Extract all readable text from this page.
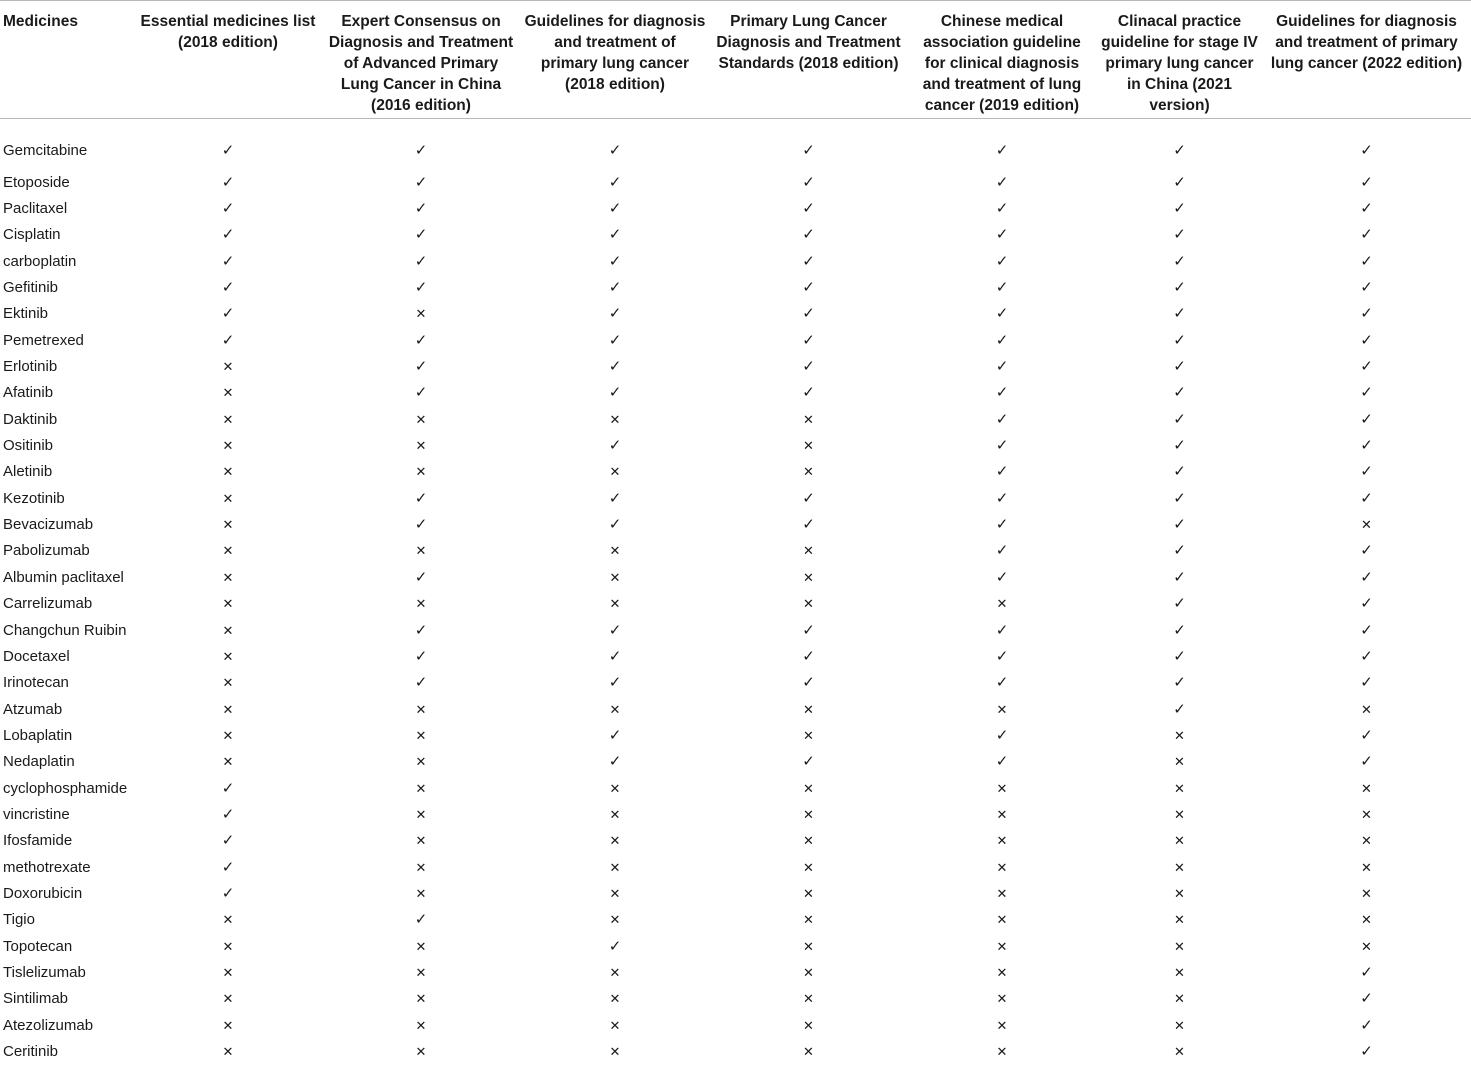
Medicines	Essential medicines list (2018 edition)	Expert Consensus on Diagnosis and Treatment of Advanced Primary Lung Cancer in China (2016 edition)	Guidelines for diagnosis and treatment of primary lung cancer (2018 edition)	Primary Lung Cancer Diagnosis and Treatment Standards (2018 edition)	Chinese medical association guideline for clinical diagnosis and treatment of lung cancer (2019 edition)	Clinacal practice guideline for stage IV primary lung cancer in China (2021 version)	Guidelines for diagnosis and treatment of primary lung cancer (2022 edition)
Gemcitabine	✓	✓	✓	✓	✓	✓	✓
Etoposide	✓	✓	✓	✓	✓	✓	✓
Paclitaxel	✓	✓	✓	✓	✓	✓	✓
Cisplatin	✓	✓	✓	✓	✓	✓	✓
carboplatin	✓	✓	✓	✓	✓	✓	✓
Gefitinib	✓	✓	✓	✓	✓	✓	✓
Ektinib	✓	✕	✓	✓	✓	✓	✓
Pemetrexed	✓	✓	✓	✓	✓	✓	✓
Erlotinib	✕	✓	✓	✓	✓	✓	✓
Afatinib	✕	✓	✓	✓	✓	✓	✓
Daktinib	✕	✕	✕	✕	✓	✓	✓
Ositinib	✕	✕	✓	✕	✓	✓	✓
Aletinib	✕	✕	✕	✕	✓	✓	✓
Kezotinib	✕	✓	✓	✓	✓	✓	✓
Bevacizumab	✕	✓	✓	✓	✓	✓	✕
Pabolizumab	✕	✕	✕	✕	✓	✓	✓
Albumin paclitaxel	✕	✓	✕	✕	✓	✓	✓
Carrelizumab	✕	✕	✕	✕	✕	✓	✓
Changchun Ruibin	✕	✓	✓	✓	✓	✓	✓
Docetaxel	✕	✓	✓	✓	✓	✓	✓
Irinotecan	✕	✓	✓	✓	✓	✓	✓
Atzumab	✕	✕	✕	✕	✕	✓	✕
Lobaplatin	✕	✕	✓	✕	✓	✕	✓
Nedaplatin	✕	✕	✓	✓	✓	✕	✓
cyclophosphamide	✓	✕	✕	✕	✕	✕	✕
vincristine	✓	✕	✕	✕	✕	✕	✕
Ifosfamide	✓	✕	✕	✕	✕	✕	✕
methotrexate	✓	✕	✕	✕	✕	✕	✕
Doxorubicin	✓	✕	✕	✕	✕	✕	✕
Tigio	✕	✓	✕	✕	✕	✕	✕
Topotecan	✕	✕	✓	✕	✕	✕	✕
Tislelizumab	✕	✕	✕	✕	✕	✕	✓
Sintilimab	✕	✕	✕	✕	✕	✕	✓
Atezolizumab	✕	✕	✕	✕	✕	✕	✓
Ceritinib	✕	✕	✕	✕	✕	✕	✓
